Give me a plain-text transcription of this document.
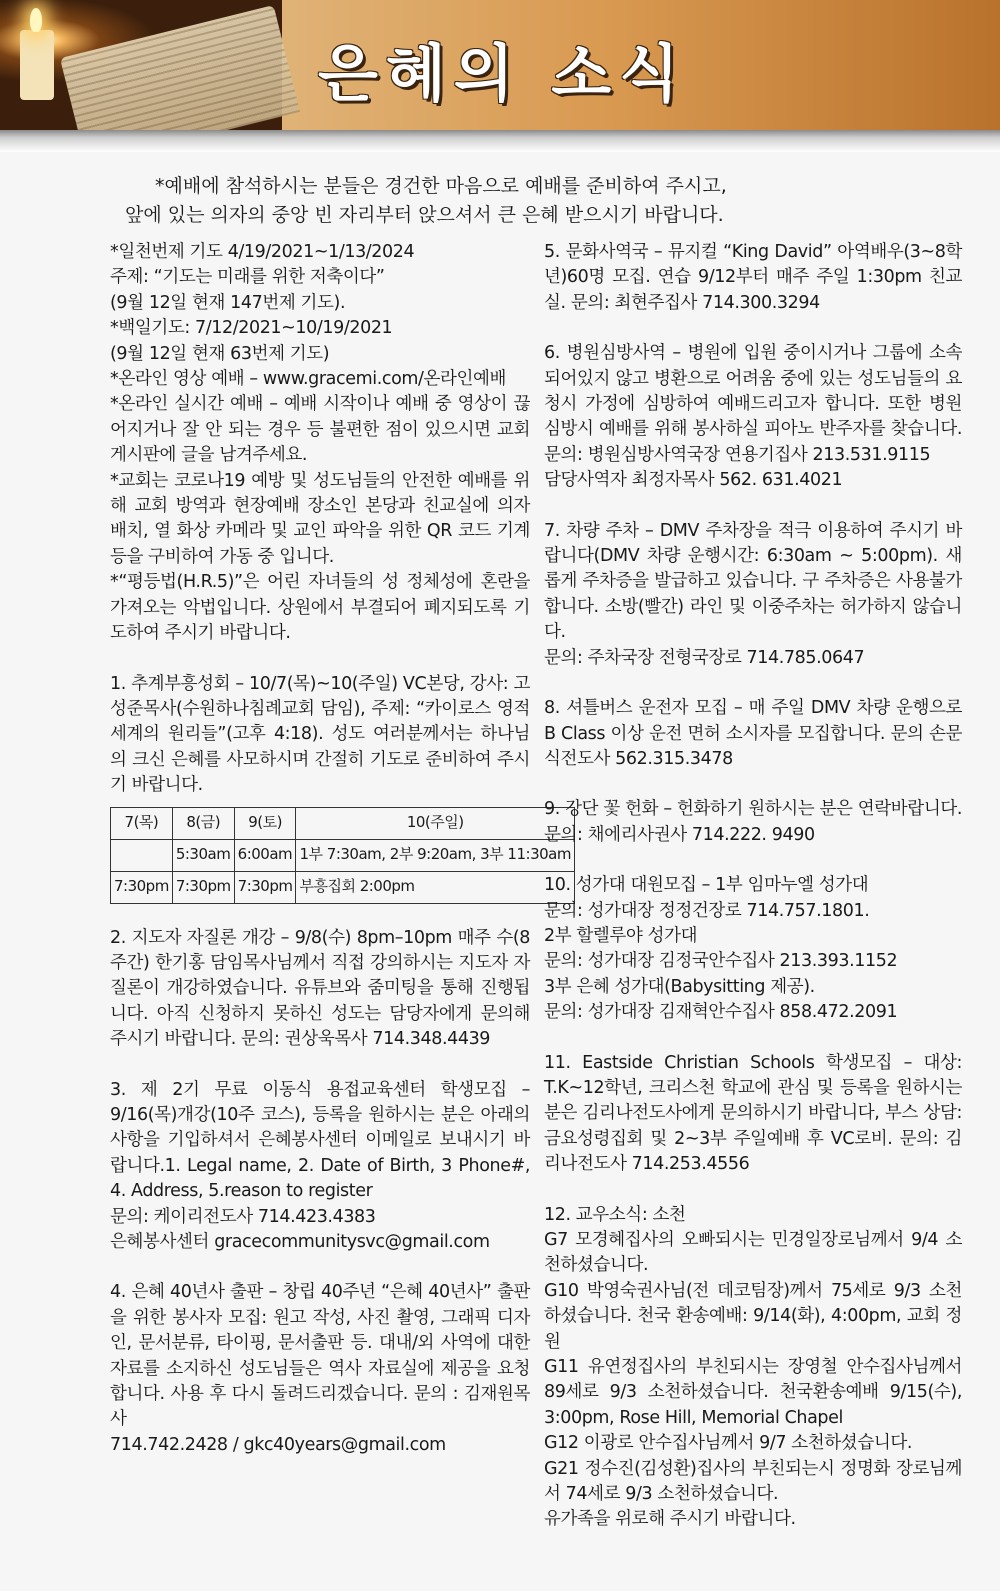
은혜의 소식
*예배에 참석하시는 분들은 경건한 마음으로 예배를 준비하여 주시고,
앞에 있는 의자의 중앙 빈 자리부터 앉으셔서 큰 은혜 받으시기 바랍니다.
*일천번제 기도 4/19/2021~1/13/2024
주제: “기도는 미래를 위한 저축이다”
(9월 12일 현재 147번제 기도).
*백일기도: 7/12/2021~10/19/2021
(9월 12일 현재 63번제 기도)
*온라인 영상 예배 – www.gracemi.com/온라인예배

*온라인 실시간 예배 – 예배 시작이나 예배 중 영상이 끊어지거나 잘 안 되는 경우 등 불편한 점이 있으시면 교회 게시판에 글을 남겨주세요.

*교회는 코로나19 예방 및 성도님들의 안전한 예배를 위해 교회 방역과 현장예배 장소인 본당과 친교실에 의자 배치, 열 화상 카메라 및 교인 파악을 위한 QR 코드 기계 등을 구비하여 가동 중 입니다.

*“평등법(H.R.5)”은 어린 자녀들의 성 정체성에 혼란을 가져오는 악법입니다. 상원에서 부결되어 폐지되도록 기도하여 주시기 바랍니다.

1. 추계부흥성회 – 10/7(목)~10(주일) VC본당, 강사: 고성준목사(수원하나침례교회 담임), 주제: “카이로스 영적 세계의 원리들”(고후 4:18). 성도 여러분께서는 하나님의 크신 은혜를 사모하시며 간절히 기도로 준비하여 주시기 바랍니다.

7(목)	8(금)	9(토)	10(주일)
	5:30am	6:00am	1부 7:30am, 2부 9:20am, 3부 11:30am
7:30pm	7:30pm	7:30pm	부흥집회 2:00pm

2. 지도자 자질론 개강 – 9/8(수) 8pm–10pm 매주 수(8주간) 한기홍 담임목사님께서 직접 강의하시는 지도자 자질론이 개강하였습니다. 유튜브와 줌미팅을 통해 진행됩니다. 아직 신청하지 못하신 성도는 담당자에게 문의해 주시기 바랍니다. 문의: 권상욱목사 714.348.4439

3. 제 2기 무료 이동식 용접교육센터 학생모집 – 9/16(목)개강(10주 코스), 등록을 원하시는 분은 아래의 사항을 기입하셔서 은혜봉사센터 이메일로 보내시기 바랍니다.1. Legal name, 2. Date of Birth, 3 Phone#, 4. Address, 5.reason to register

문의: 케이리전도사 714.423.4383
은혜봉사센터 gracecommunitysvc@gmail.com

4. 은혜 40년사 출판 – 창립 40주년 “은혜 40년사” 출판을 위한 봉사자 모집: 원고 작성, 사진 촬영, 그래픽 디자인, 문서분류, 타이핑, 문서출판 등. 대내/외 사역에 대한 자료를 소지하신 성도님들은 역사 자료실에 제공을 요청합니다. 사용 후 다시 돌려드리겠습니다. 문의 : 김재원목사

714.742.2428 / gkc40years@gmail.com

5. 문화사역국 – 뮤지컬 “King David” 아역배우(3~8학년)60명 모집. 연습 9/12부터 매주 주일 1:30pm 친교실. 문의: 최현주집사 714.300.3294

6. 병원심방사역 – 병원에 입원 중이시거나 그룹에 소속되어있지 않고 병환으로 어려움 중에 있는 성도님들의 요청시 가정에 심방하여 예배드리고자 합니다. 또한 병원 심방시 예배를 위해 봉사하실 피아노 반주자를 찾습니다. 문의: 병원심방사역국장 연용기집사 213.531.9115

담당사역자 최정자목사 562. 631.4021

7. 차량 주차 – DMV 주차장을 적극 이용하여 주시기 바랍니다(DMV 차량 운행시간: 6:30am ~ 5:00pm). 새롭게 주차증을 발급하고 있습니다. 구 주차증은 사용불가합니다. 소방(빨간) 라인 및 이중주차는 허가하지 않습니다.

문의: 주차국장 전형국장로 714.785.0647

8. 셔틀버스 운전자 모집 – 매 주일 DMV 차량 운행으로 B Class 이상 운전 면허 소시자를 모집합니다. 문의 손문식전도사 562.315.3478

9. 강단 꽃 헌화 – 헌화하기 원하시는 분은 연락바랍니다. 문의: 채에리사권사 714.222. 9490

10. 성가대 대원모집 – 1부 임마누엘 성가대
문의: 성가대장 정정건장로 714.757.1801.
2부 할렐루야 성가대
문의: 성가대장 김정국안수집사 213.393.1152
3부 은혜 성가대(Babysitting 제공).
문의: 성가대장 김재혁안수집사 858.472.2091

11. Eastside Christian Schools 학생모집 – 대상: T.K~12학년, 크리스천 학교에 관심 및 등록을 원하시는 분은 김리나전도사에게 문의하시기 바랍니다, 부스 상담: 금요성령집회 및 2~3부 주일예배 후 VC로비. 문의: 김리나전도사 714.253.4556

12. 교우소식: 소천

G7 모경혜집사의 오빠되시는 민경일장로님께서 9/4 소천하셨습니다.

G10 박영숙권사님(전 데코팀장)께서 75세로 9/3 소천하셨습니다. 천국 환송예배: 9/14(화), 4:00pm, 교회 정원

G11 유연정집사의 부친되시는 장영철 안수집사님께서 89세로 9/3 소천하셨습니다. 천국환송예배 9/15(수), 3:00pm, Rose Hill, Memorial Chapel

G12 이광로 안수집사님께서 9/7 소천하셨습니다.

G21 정수진(김성환)집사의 부친되는시 정명화 장로님께서 74세로 9/3 소천하셨습니다.

유가족을 위로해 주시기 바랍니다.
